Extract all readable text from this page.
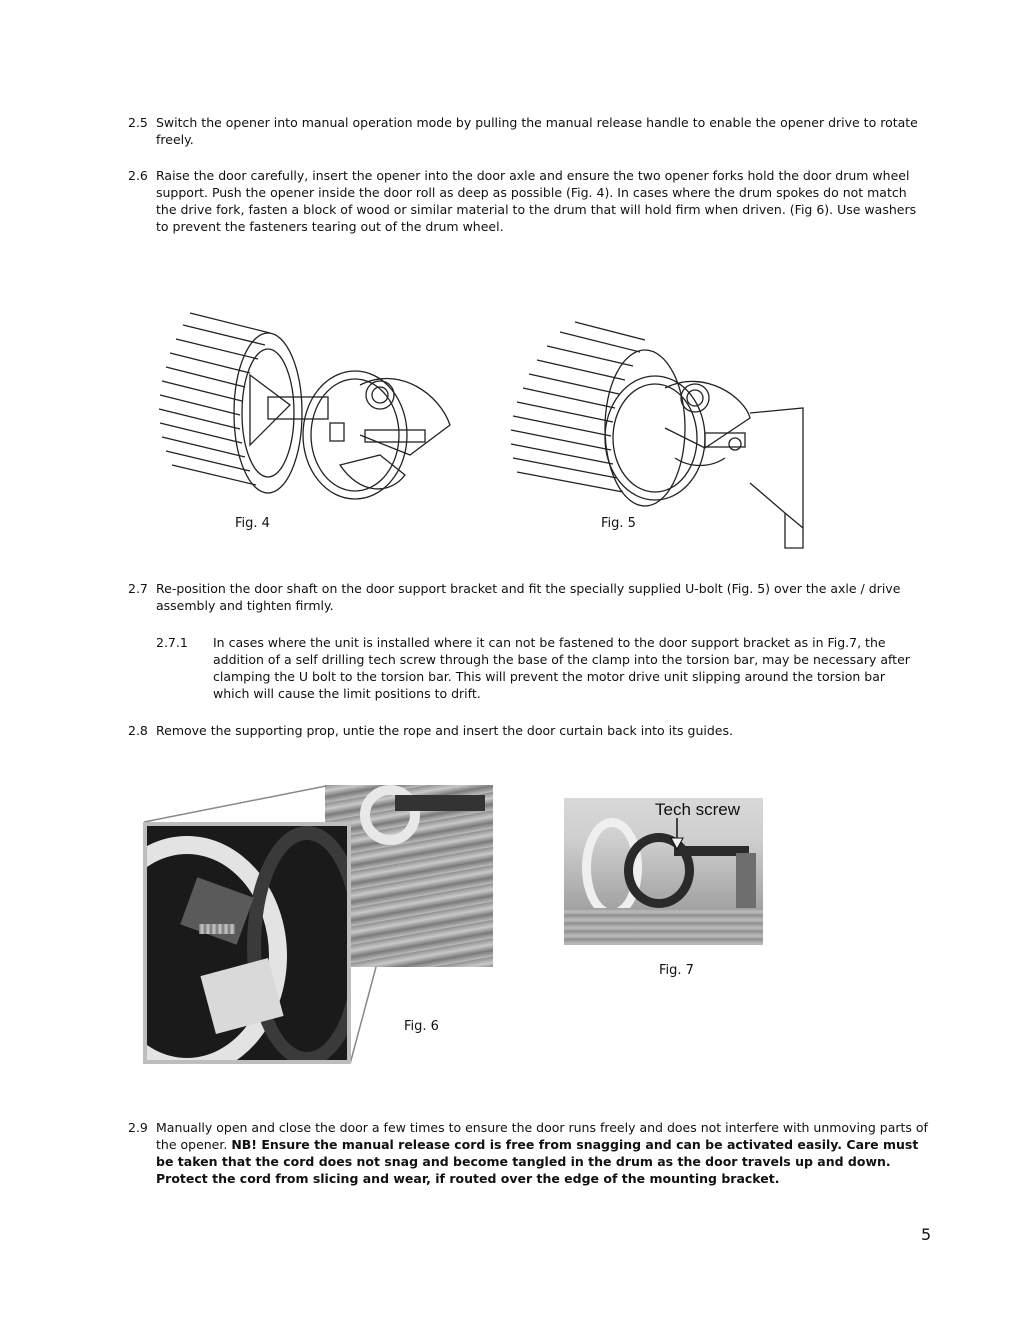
2.5 Switch the opener into manual operation mode by pulling the manual release handle to enable the opener drive to rotate freely.
2.6 Raise the door carefully, insert the opener into the door axle and ensure the two opener forks hold the door drum wheel support. Push the opener inside the door roll as deep as possible (Fig. 4). In cases where the drum spokes do not match the drive fork, fasten a block of wood or similar material to the drum that will hold firm when driven. (Fig 6). Use washers to prevent the fasteners tearing out of the drum wheel.
Fig. 4	Fig. 5
2.7 Re-position the door shaft on the door support bracket and fit the specially supplied U-bolt (Fig. 5) over the axle / drive assembly and tighten firmly.
2.7.1 In cases where the unit is installed where it can not be fastened to the door support bracket as in Fig.7, the addition of a self drilling tech screw through the base of the clamp into the torsion bar, may be necessary after clamping the U bolt to the torsion bar. This will prevent the motor drive unit slipping around the torsion bar which will cause the limit positions to drift.
2.8 Remove the supporting prop, untie the rope and insert the door curtain back into its guides.
Fig. 6
Tech screw
Fig. 7
2.9 Manually open and close the door a few times to ensure the door runs freely and does not interfere with unmoving parts of the opener. NB! Ensure the manual release cord is free from snagging and can be activated easily. Care must be taken that the cord does not snag and become tangled in the drum as the door travels up and down. Protect the cord from slicing and wear, if routed over the edge of the mounting bracket.
5
